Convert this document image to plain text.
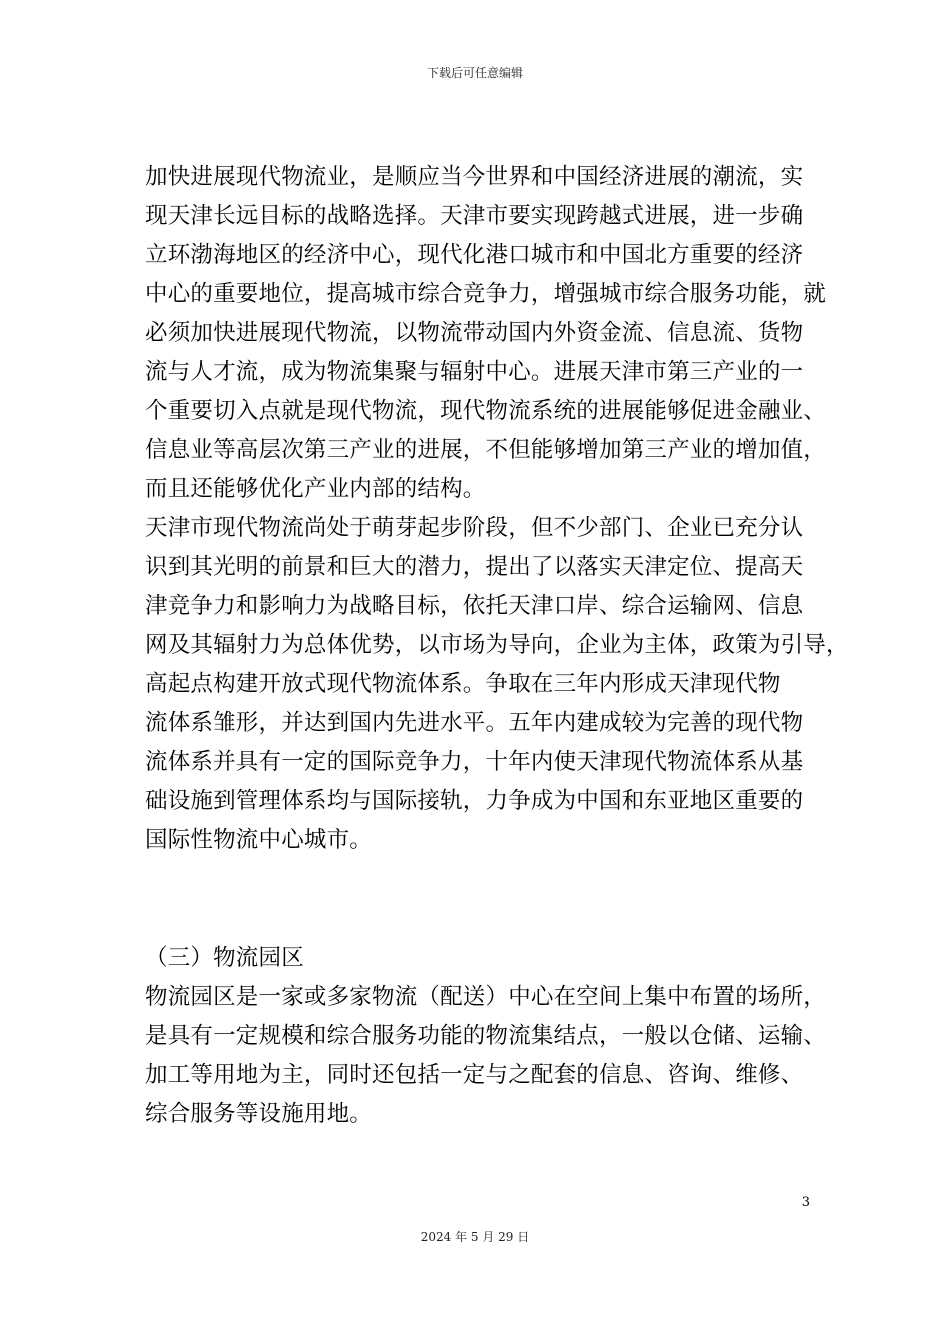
下载后可任意编辑
加快进展现代物流业，是顺应当今世界和中国经济进展的潮流，实
现天津长远目标的战略选择。天津市要实现跨越式进展，进一步确
立环渤海地区的经济中心，现代化港口城市和中国北方重要的经济
中心的重要地位，提高城市综合竞争力，增强城市综合服务功能，就
必须加快进展现代物流，以物流带动国内外资金流、信息流、货物
流与人才流，成为物流集聚与辐射中心。进展天津市第三产业的一
个重要切入点就是现代物流，现代物流系统的进展能够促进金融业、
信息业等高层次第三产业的进展，不但能够增加第三产业的增加值，
而且还能够优化产业内部的结构。
天津市现代物流尚处于萌芽起步阶段，但不少部门、企业已充分认
识到其光明的前景和巨大的潜力，提出了以落实天津定位、提高天
津竞争力和影响力为战略目标，依托天津口岸、综合运输网、信息
网及其辐射力为总体优势，以市场为导向，企业为主体，政策为引导，
高起点构建开放式现代物流体系。争取在三年内形成天津现代物
流体系雏形，并达到国内先进水平。五年内建成较为完善的现代物
流体系并具有一定的国际竞争力，十年内使天津现代物流体系从基
础设施到管理体系均与国际接轨，力争成为中国和东亚地区重要的
国际性物流中心城市。
（三）物流园区
物流园区是一家或多家物流（配送）中心在空间上集中布置的场所，
是具有一定规模和综合服务功能的物流集结点，一般以仓储、运输、
加工等用地为主，同时还包括一定与之配套的信息、咨询、维修、
综合服务等设施用地。
3
2024 年 5 月 29 日
